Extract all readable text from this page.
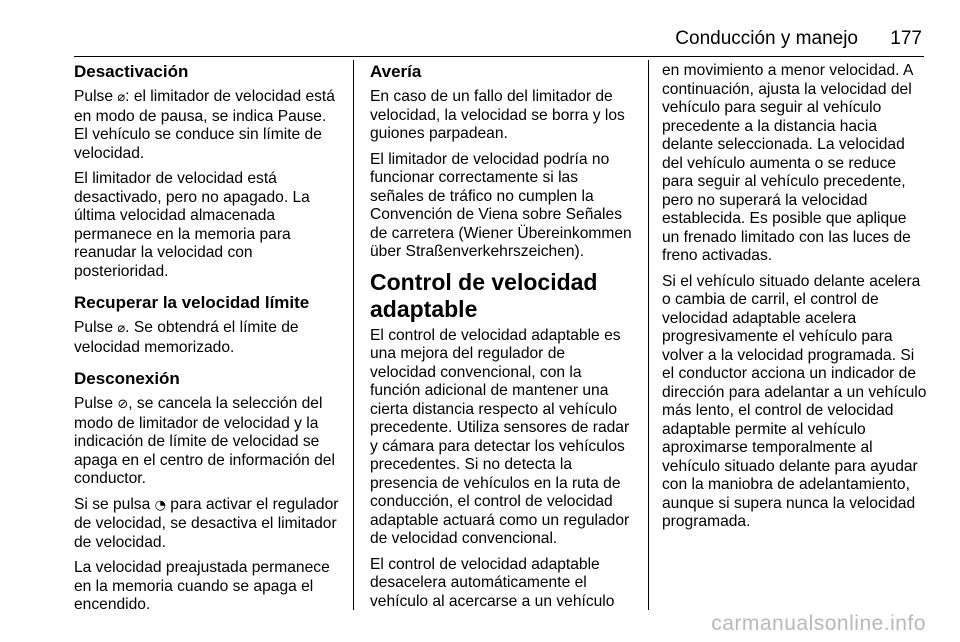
Conducción y manejo 177
Desactivación

Pulse ⌀: el limitador de velocidad está en modo de pausa, se indica Pause. El vehículo se conduce sin límite de velocidad.

El limitador de velocidad está desactivado, pero no apagado. La última velocidad almacenada permanece en la memoria para reanudar la velocidad con posterioridad.

Recuperar la velocidad límite

Pulse ⌀. Se obtendrá el límite de velocidad memorizado.

Desconexión

Pulse ⊘, se cancela la selección del modo de limitador de velocidad y la indicación de límite de velocidad se apaga en el centro de información del conductor.

Si se pulsa ◔ para activar el regulador de velocidad, se desactiva el limitador de velocidad.

La velocidad preajustada permanece en la memoria cuando se apaga el encendido.

Avería

En caso de un fallo del limitador de velocidad, la velocidad se borra y los guiones parpadean.

El limitador de velocidad podría no funcionar correctamente si las señales de tráfico no cumplen la Convención de Viena sobre Señales de carretera (Wiener Übereinkommen über Straßenverkehrszeichen).

Control de velocidad adaptable

El control de velocidad adaptable es una mejora del regulador de velocidad convencional, con la función adicional de mantener una cierta distancia respecto al vehículo precedente. Utiliza sensores de radar y cámara para detectar los vehículos precedentes. Si no detecta la presencia de vehículos en la ruta de conducción, el control de velocidad adaptable actuará como un regulador de velocidad convencional.

El control de velocidad adaptable desacelera automáticamente el vehículo al acercarse a un vehículo

en movimiento a menor velocidad. A continuación, ajusta la velocidad del vehículo para seguir al vehículo precedente a la distancia hacia delante seleccionada. La velocidad del vehículo aumenta o se reduce para seguir al vehículo precedente, pero no superará la velocidad establecida. Es posible que aplique un frenado limitado con las luces de freno activadas.

Si el vehículo situado delante acelera o cambia de carril, el control de velocidad adaptable acelera progresivamente el vehículo para volver a la velocidad programada. Si el conductor acciona un indicador de dirección para adelantar a un vehículo más lento, el control de velocidad adaptable permite al vehículo aproximarse temporalmente al vehículo situado delante para ayudar con la maniobra de adelantamiento, aunque si supera nunca la velocidad programada.

carmanualsonline.info
